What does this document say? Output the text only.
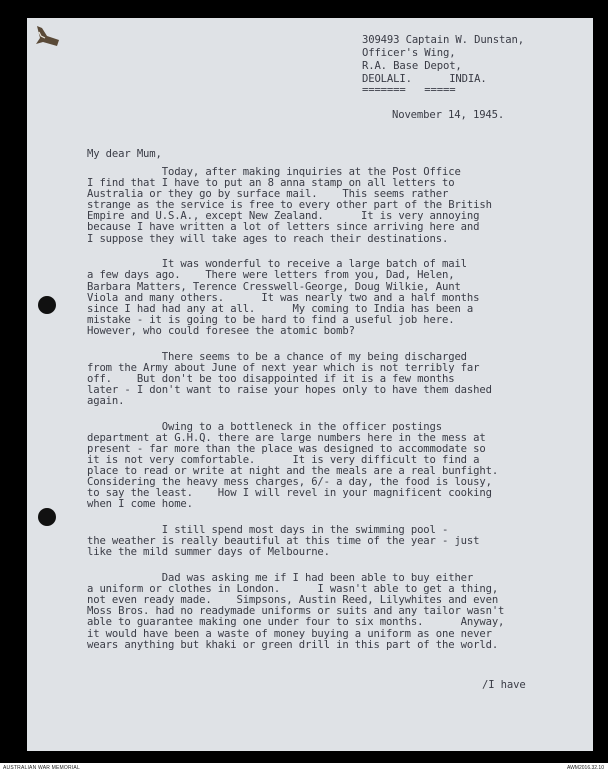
309493 Captain W. Dunstan,
Officer's Wing,
R.A. Base Depot,
DEOLALI.      INDIA.
=======   =====
November 14, 1945.
My dear Mum,
Today, after making inquiries at the Post Office
I find that I have to put an 8 anna stamp on all letters to
Australia or they go by surface mail.    This seems rather
strange as the service is free to every other part of the British
Empire and U.S.A., except New Zealand.      It is very annoying
because I have written a lot of letters since arriving here and
I suppose they will take ages to reach their destinations.
It was wonderful to receive a large batch of mail
a few days ago.    There were letters from you, Dad, Helen,
Barbara Matters, Terence Cresswell-George, Doug Wilkie, Aunt
Viola and many others.      It was nearly two and a half months
since I had had any at all.      My coming to India has been a
mistake - it is going to be hard to find a useful job here.
However, who could foresee the atomic bomb?
There seems to be a chance of my being discharged
from the Army about June of next year which is not terribly far
off.    But don't be too disappointed if it is a few months
later - I don't want to raise your hopes only to have them dashed
again.
Owing to a bottleneck in the officer postings
department at G.H.Q. there are large numbers here in the mess at
present - far more than the place was designed to accommodate so
it is not very comfortable.      It is very difficult to find a
place to read or write at night and the meals are a real bunfight.
Considering the heavy mess charges, 6/- a day, the food is lousy,
to say the least.    How I will revel in your magnificent cooking
when I come home.
I still spend most days in the swimming pool -
the weather is really beautiful at this time of the year - just
like the mild summer days of Melbourne.
Dad was asking me if I had been able to buy either
a uniform or clothes in London.      I wasn't able to get a thing,
not even ready made.    Simpsons, Austin Reed, Lilywhites and even
Moss Bros. had no readymade uniforms or suits and any tailor wasn't
able to guarantee making one under four to six months.      Anyway,
it would have been a waste of money buying a uniform as one never
wears anything but khaki or green drill in this part of the world.
/I have
AUSTRALIAN WAR MEMORIAL	AWM2016.32.10
